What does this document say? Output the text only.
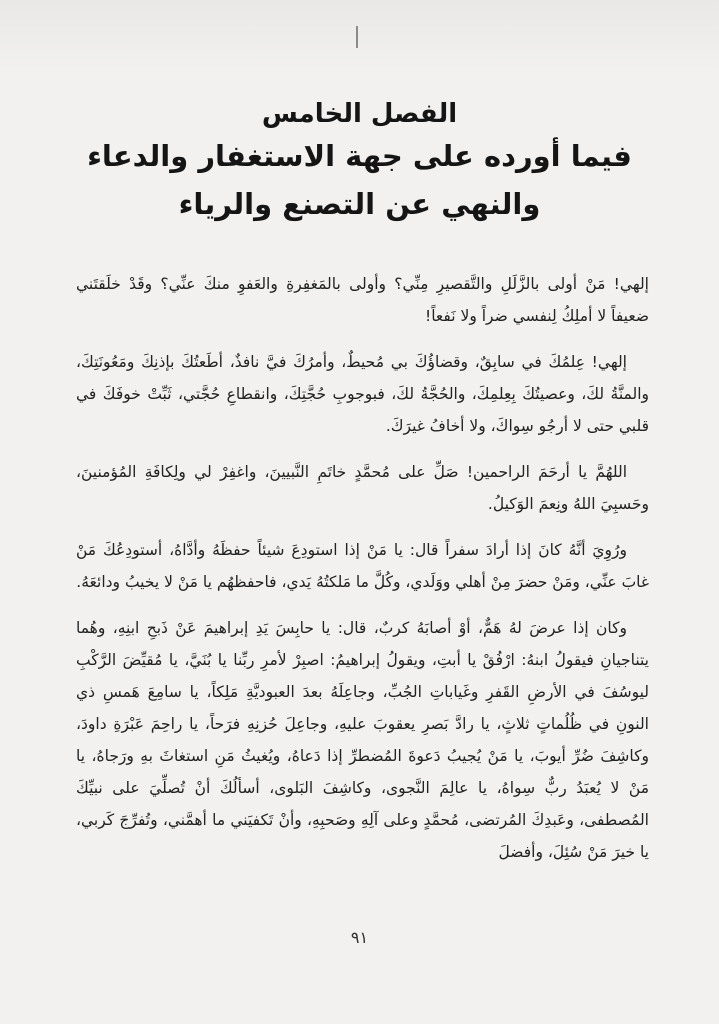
الفصل الخامس
فيما أورده على جهة الاستغفار والدعاء والنهي عن التصنع والرياء

إلهي! مَنْ أولى بالزَّلَلِ والتَّقصيرِ مِنِّي؟ وأولى بالمَغفِرةِ والعَفوِ منكَ عنِّي؟ وقَدْ خلَقتَني ضعيفاً لا أملِكُ لِنفسي ضراً ولا نَفعاً!

إلهي! عِلمُكَ في سابِقٌ، وقضاؤُكَ بي مُحيطٌ، وأمرُكَ فيَّ نافذٌ، أطَعتُكَ بإذنِكَ ومَعُونَتِكَ، والمنَّةُ لكَ، وعصيتُكَ بِعِلمِكَ، والحُجَّةُ لكَ، فبوجوبِ حُجَّتِكَ، وانقطاعِ حُجَّتي، ثَبِّتْ خوفَكَ في قلبي حتى لا أرجُو سِواكَ، ولا أخافُ غيرَكَ.

اللهُمَّ يا أرحَمَ الراحمين! صَلِّ على مُحمَّدٍ خاتَمِ النَّبيينَ، واغفِرْ لي ولِكافَةِ المُؤمنينَ، وحَسبِيَ اللهُ ونِعمَ الوَكيلُ.

ورُوِيَ أنَّهُ كانَ إذا أرادَ سفراً قال: يا مَنْ إذا استودِعَ شيئاً حفظَهُ وأدَّاهُ، أستودِعُكَ مَنْ غابَ عنِّي، ومَنْ حضرَ مِنْ أهلي ووَلَدي، وكُلَّ ما مَلكتُهُ يَدي، فاحفظهُم يا مَنْ لا يخيبُ ودائعَهُ.

وكان إذا عرضَ لهُ هَمٌّ، أوْ أصابَهُ كربٌ، قال: يا حابِسَ يَدِ إبراهيمَ عَنْ ذَبحِ ابنِهِ، وهُما يتناجيانِ فيقولُ ابنهُ: ارْفُقْ يا أبتِ، ويقولُ إبراهيمُ: اصبِرْ لأمرِ ربِّنا يا بُنَيَّ، يا مُقيِّضَ الرَّكْبِ ليوسُفَ في الأرضِ القَفرِ وغَياباتِ الجُبِّ، وجاعِلَهُ بعدَ العبوديَّةِ مَلِكاً، يا سامِعَ هَمسِ ذي النونِ في ظُلُماتٍ ثلاثٍ، يا رادَّ بَصرِ يعقوبَ عليهِ، وجاعِلَ حُزنِهِ فرَحاً، يا راحِمَ عَبْرَةِ داودَ، وكاشِفَ ضُرِّ أيوبَ، يا مَنْ يُجيبُ دَعوةَ المُضطرِّ إذا دَعاهُ، ويُغيثُ مَنِ استغاثَ بهِ ورَجاهُ، يا مَنْ لا يُعبَدُ ربٌّ سِواهُ، يا عالِمَ النَّجوى، وكاشِفَ البَلوى، أسألُكَ أنْ تُصلِّيَ على نبيِّكَ المُصطفى، وعَبدِكَ المُرتضى، مُحمَّدٍ وعلى آلِهِ وصَحبِهِ، وأنْ تَكفيَني ما أهمَّني، وتُفرِّجَ كَربي، يا خيرَ مَنْ سُئِلَ، وأفضلَ

٩١
